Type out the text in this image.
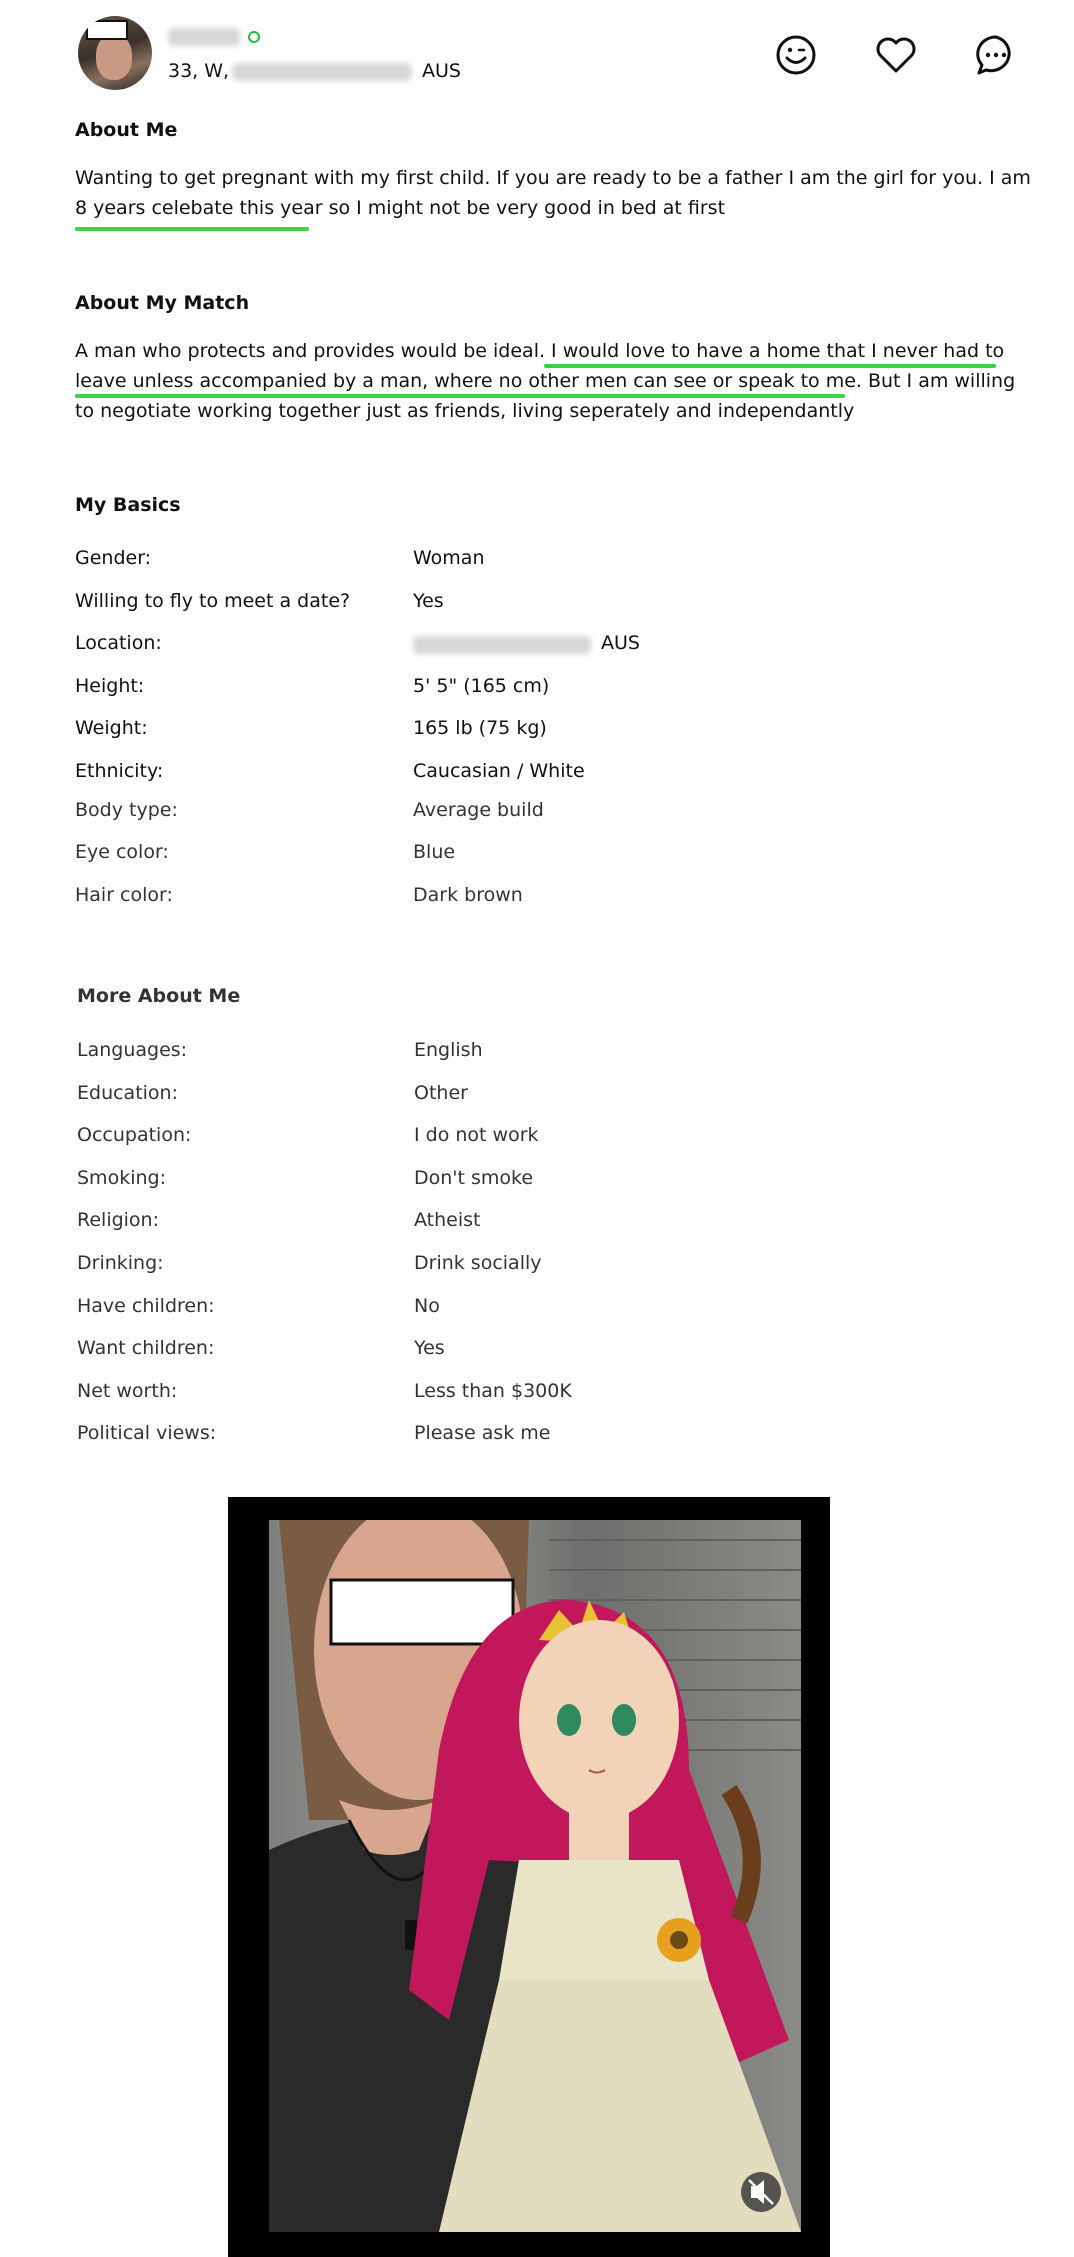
33, W,	AUS
About Me
Wanting to get pregnant with my first child. If you are ready to be a father I am the girl for you. I am
8 years celebate this year so I might not be very good in bed at first
About My Match
A man who protects and provides would be ideal. I would love to have a home that I never had to
leave unless accompanied by a man, where no other men can see or speak to me. But I am willing
to negotiate working together just as friends, living seperately and independantly
My Basics
Gender:	Woman
Willing to fly to meet a date?	Yes
Location:	AUS
Height:	5' 5" (165 cm)
Weight:	165 lb (75 kg)
Ethnicity:	Caucasian / White
Body type:	Average build
Eye color:	Blue
Hair color:	Dark brown
More About Me
Languages:	English
Education:	Other
Occupation:	I do not work
Smoking:	Don't smoke
Religion:	Atheist
Drinking:	Drink socially
Have children:	No
Want children:	Yes
Net worth:	Less than $300K
Political views:	Please ask me
